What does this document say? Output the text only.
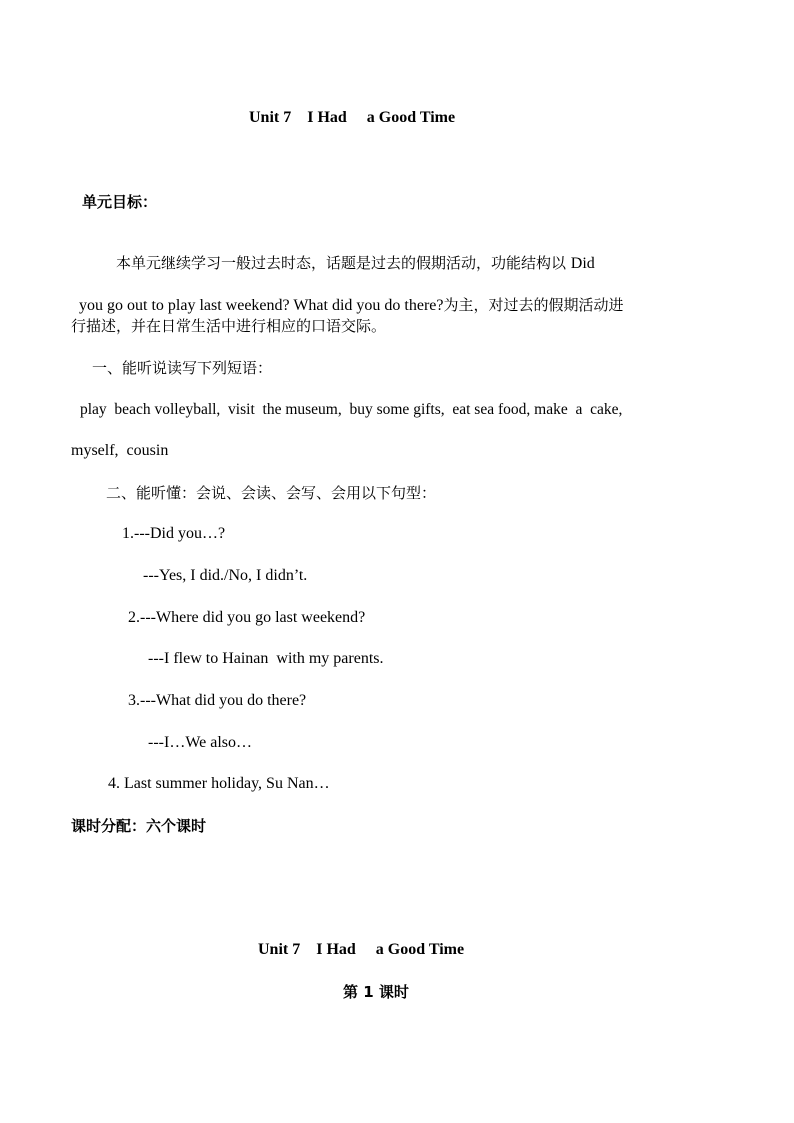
Unit 7    I Had     a Good Time
单元目标：

本单元继续学习一般过去时态，话题是过去的假期活动，功能结构以 Did

you go out to play last weekend? What did you do there?为主，对过去的假期活动进

行描述，并在日常生活中进行相应的口语交际。
一、能听说读写下列短语：
play  beach volleyball,  visit  the museum,  buy some gifts,  eat sea food, make  a  cake,
myself,  cousin
二、能听懂：会说、会读、会写、会用以下句型：
1.---Did you…?
---Yes, I did./No, I didn’t.
2.---Where did you go last weekend?
---I flew to Hainan  with my parents.
3.---What did you do there?
---I…We also…
4. Last summer holiday, Su Nan…
课时分配：六个课时
Unit 7    I Had     a Good Time
第 1 课时
